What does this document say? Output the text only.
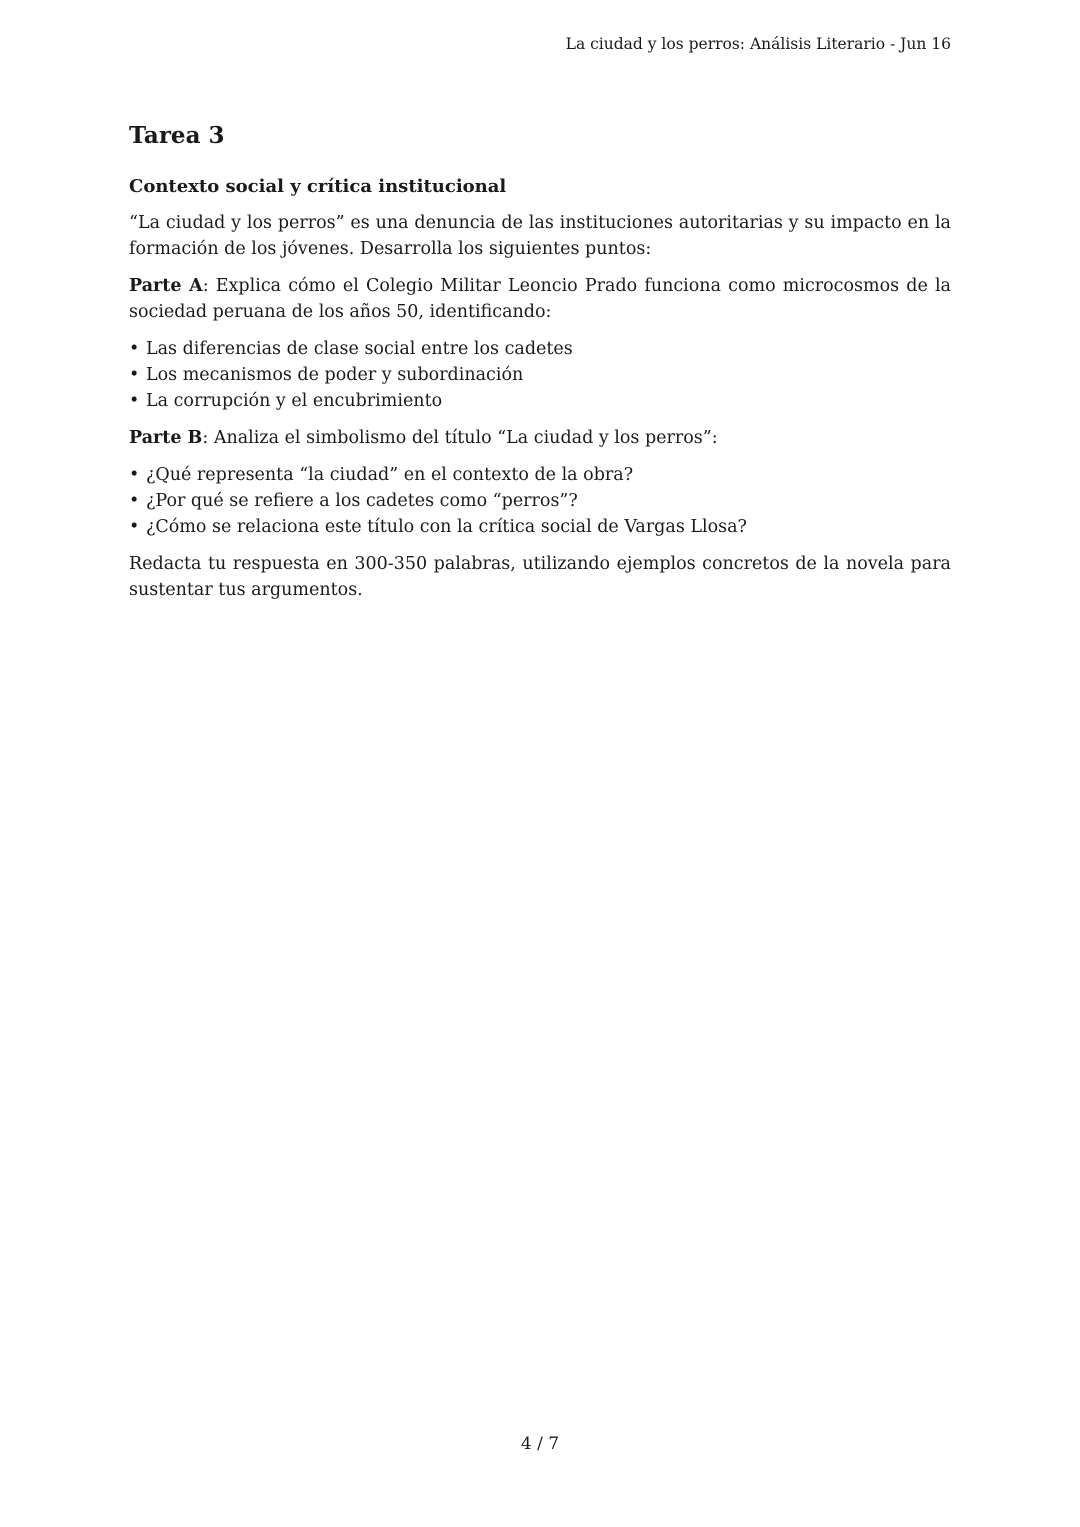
La ciudad y los perros: Análisis Literario - Jun 16
Tarea 3
Contexto social y crítica institucional

“La ciudad y los perros” es una denuncia de las instituciones autoritarias y su impacto en la formación de los jóvenes. Desarrolla los siguientes puntos:

Parte A: Explica cómo el Colegio Militar Leoncio Prado funciona como microcosmos de la sociedad peruana de los años 50, identificando:

• Las diferencias de clase social entre los cadetes
• Los mecanismos de poder y subordinación
• La corrupción y el encubrimiento

Parte B: Analiza el simbolismo del título “La ciudad y los perros”:

• ¿Qué representa “la ciudad” en el contexto de la obra?
• ¿Por qué se refiere a los cadetes como “perros”?
• ¿Cómo se relaciona este título con la crítica social de Vargas Llosa?

Redacta tu respuesta en 300-350 palabras, utilizando ejemplos concretos de la novela para sustentar tus argumentos.

4 / 7
